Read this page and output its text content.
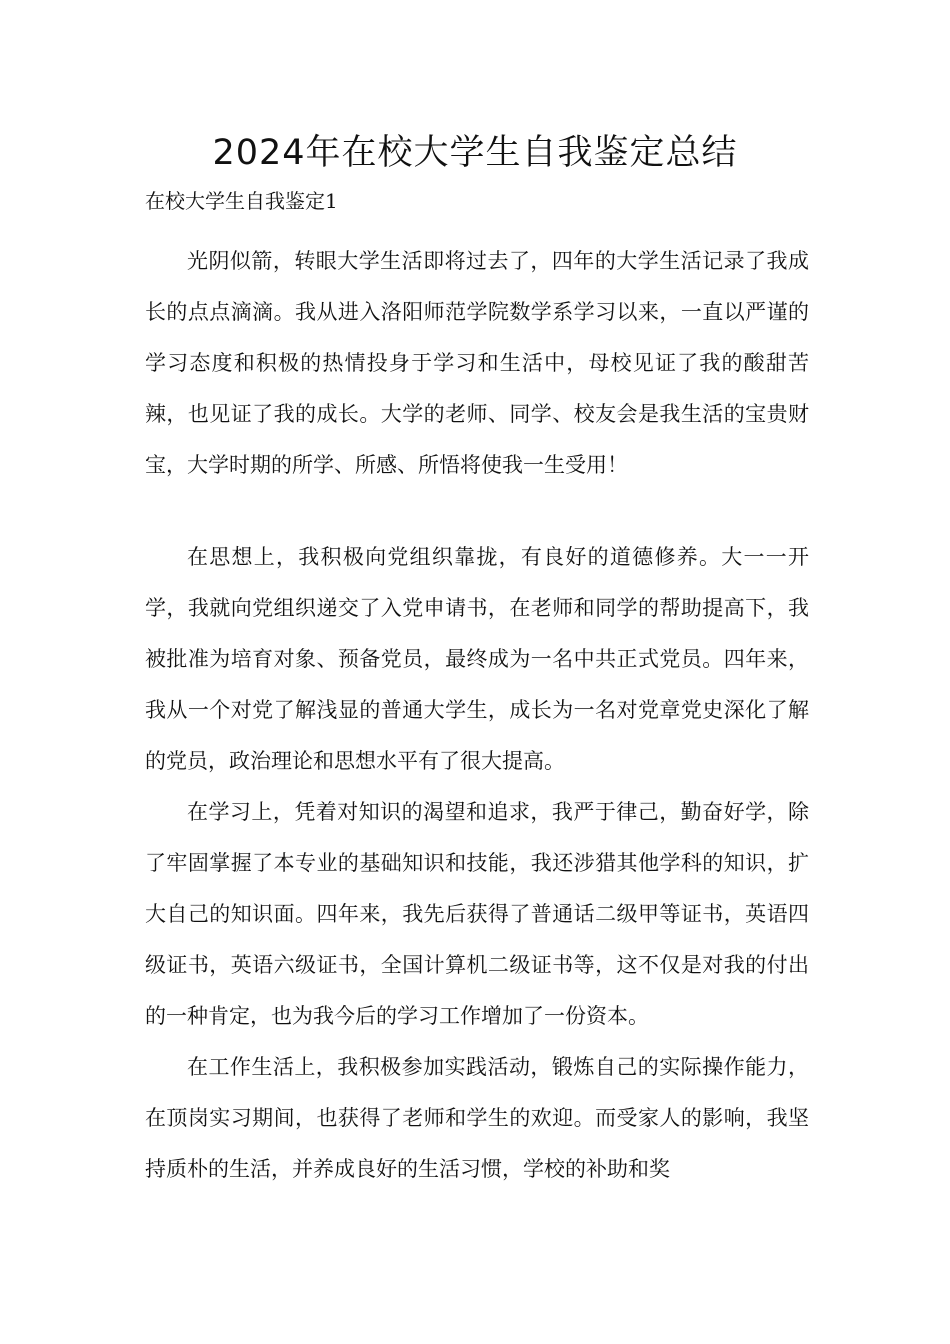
2024年在校大学生自我鉴定总结

在校大学生自我鉴定1

光阴似箭，转眼大学生活即将过去了，四年的大学生活记录了我成长的点点滴滴。我从进入洛阳师范学院数学系学习以来，一直以严谨的学习态度和积极的热情投身于学习和生活中，母校见证了我的酸甜苦辣，也见证了我的成长。大学的老师、同学、校友会是我生活的宝贵财宝，大学时期的所学、所感、所悟将使我一生受用！

在思想上，我积极向党组织靠拢，有良好的道德修养。大一一开学，我就向党组织递交了入党申请书，在老师和同学的帮助提高下，我被批准为培育对象、预备党员，最终成为一名中共正式党员。四年来，我从一个对党了解浅显的普通大学生，成长为一名对党章党史深化了解的党员，政治理论和思想水平有了很大提高。

在学习上，凭着对知识的渴望和追求，我严于律己，勤奋好学，除了牢固掌握了本专业的基础知识和技能，我还涉猎其他学科的知识，扩大自己的知识面。四年来，我先后获得了普通话二级甲等证书，英语四级证书，英语六级证书，全国计算机二级证书等，这不仅是对我的付出的一种肯定，也为我今后的学习工作增加了一份资本。

在工作生活上，我积极参加实践活动，锻炼自己的实际操作能力，在顶岗实习期间，也获得了老师和学生的欢迎。而受家人的影响，我坚持质朴的生活，并养成良好的生活习惯，学校的补助和奖
